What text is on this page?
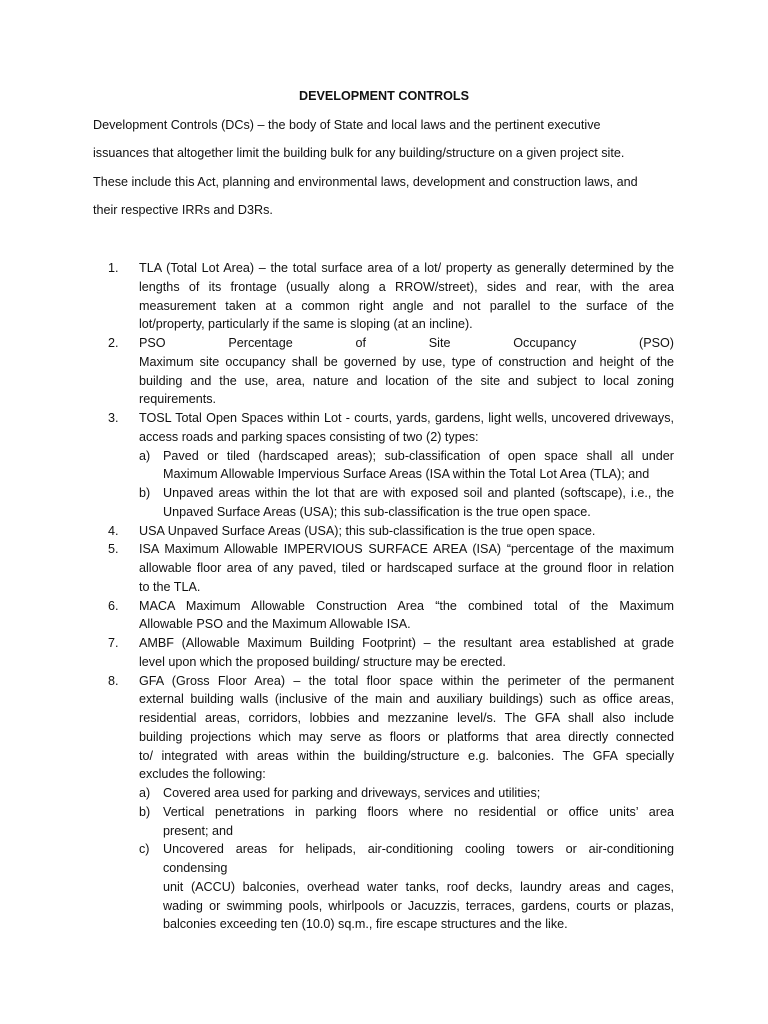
DEVELOPMENT CONTROLS
Development Controls (DCs) – the body of State and local laws and the pertinent executive
issuances that altogether limit the building bulk for any building/structure on a given project site.
These include this Act, planning and environmental laws, development and construction laws, and
their respective IRRs and D3Rs.
1.	TLA (Total Lot Area) – the total surface area of a lot/ property as generally determined by the
lengths of its frontage (usually along a RROW/street), sides and rear, with the area
measurement taken at a common right angle and not parallel to the surface of the
lot/property, particularly if the same is sloping (at an incline).
2.	PSO Percentage of Site Occupancy (PSO)
Maximum site occupancy shall be governed by use, type of construction and height of the
building and the use, area, nature and location of the site and subject to local zoning
requirements.
3.	TOSL Total Open Spaces within Lot - courts, yards, gardens, light wells, uncovered driveways,
access roads and parking spaces consisting of two (2) types:
a)	Paved or tiled (hardscaped areas); sub-classification of open space shall all under
Maximum Allowable Impervious Surface Areas (ISA within the Total Lot Area (TLA); and
b)	Unpaved areas within the lot that are with exposed soil and planted (softscape), i.e., the
Unpaved Surface Areas (USA); this sub-classification is the true open space.
4.	USA Unpaved Surface Areas (USA); this sub-classification is the true open space.
5.	ISA Maximum Allowable IMPERVIOUS SURFACE AREA (ISA) “percentage of the maximum
allowable floor area of any paved, tiled or hardscaped surface at the ground floor in relation
to the TLA.
6.	MACA Maximum Allowable Construction Area “the combined total of the Maximum
Allowable PSO and the Maximum Allowable ISA.
7.	AMBF (Allowable Maximum Building Footprint) – the resultant area established at grade
level upon which the proposed building/ structure may be erected.
8.	GFA (Gross Floor Area) – the total floor space within the perimeter of the permanent
external building walls (inclusive of the main and auxiliary buildings) such as office areas,
residential areas, corridors, lobbies and mezzanine level/s. The GFA shall also include
building projections which may serve as floors or platforms that area directly connected
to/ integrated with areas within the building/structure e.g. balconies. The GFA specially
excludes the following:
a)	Covered area used for parking and driveways, services and utilities;
b)	Vertical penetrations in parking floors where no residential or office units’ area
present; and
c)	Uncovered areas for helipads, air-conditioning cooling towers or air-conditioning
condensing
unit (ACCU) balconies, overhead water tanks, roof decks, laundry areas and cages,
wading or swimming pools, whirlpools or Jacuzzis, terraces, gardens, courts or plazas,
balconies exceeding ten (10.0) sq.m., fire escape structures and the like.
